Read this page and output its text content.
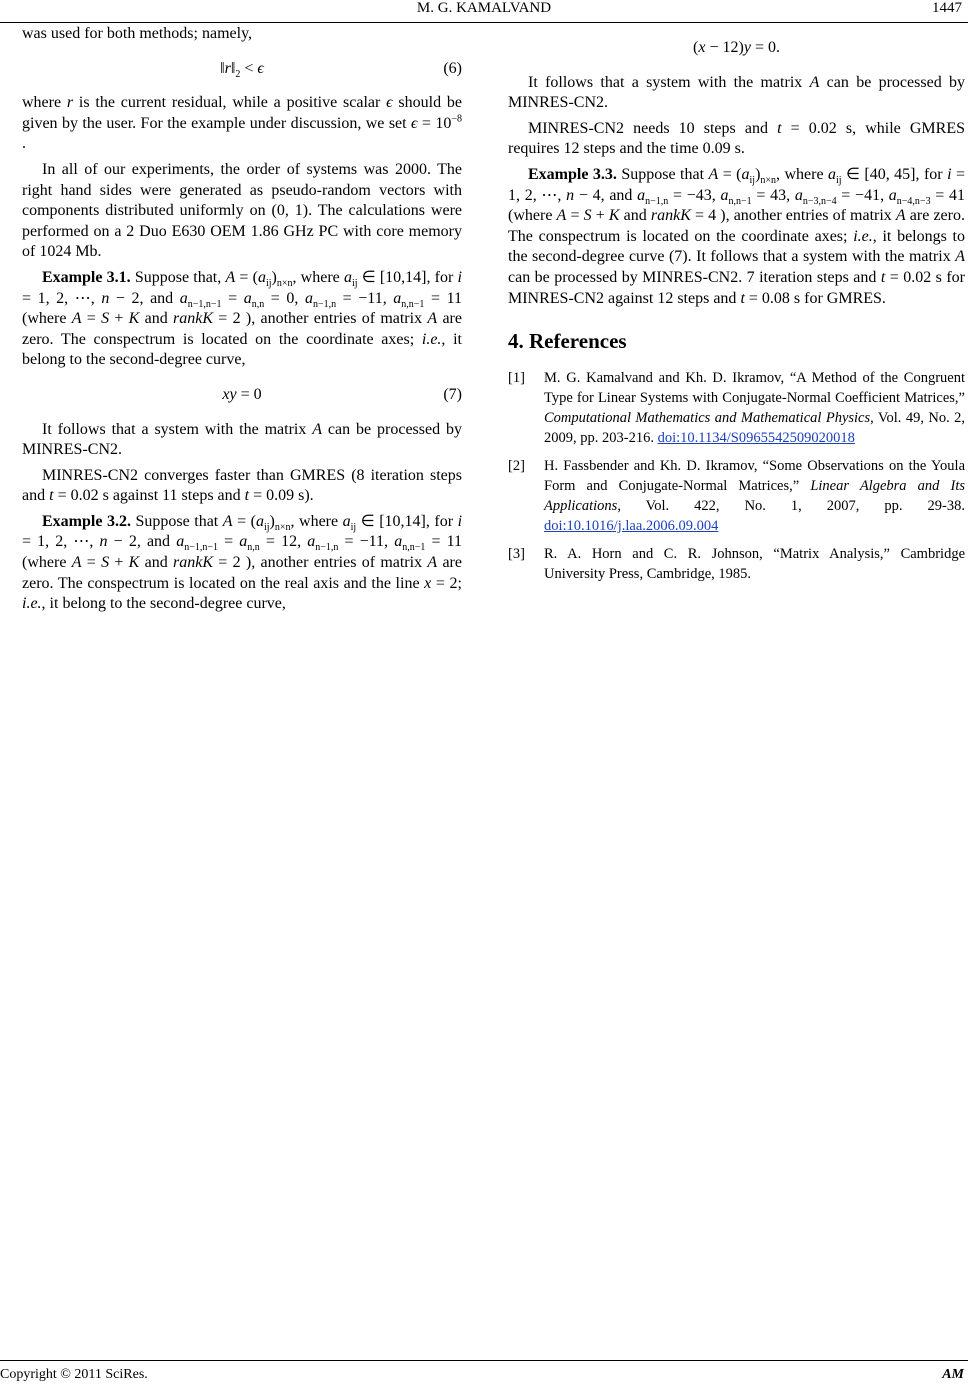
M. G. KAMALVAND	1447

was used for both methods; namely,

$‖r‖_2 < \epsilon$	(6)

where r is the current residual, while a positive scalar ϵ should be given by the user. For the example under discussion, we set $\epsilon = 10^{-8}$ .

In all of our experiments, the order of systems was 2000. The right hand sides were generated as pseudo-random vectors with components distributed uniformly on (0, 1). The calculations were performed on a 2 Duo E630 OEM 1.86 GHz PC with core memory of 1024 Mb.

Example 3.1. Suppose that, $A = (a_{ij})_{n\times n}$, where $a_{ij}$ ∈ [10,14], for i = 1, 2, ⋯, n − 2, and $a_{n-1,n-1} = a_{n,n} = 0$, $a_{n-1,n} = -11$, $a_{n,n-1} = 11$ (where A = S + K and rankK = 2 ), another entries of matrix A are zero. The conspectrum is located on the coordinate axes; i.e., it belong to the second-degree curve,

xy = 0	(7)

It follows that a system with the matrix A can be processed by MINRES-CN2.

MINRES-CN2 converges faster than GMRES (8 iteration steps and t = 0.02 s against 11 steps and t = 0.09 s).

Example 3.2. Suppose that $A = (a_{ij})_{n\times n}$, where $a_{ij}$ ∈ [10,14], for i = 1, 2, ⋯, n − 2, and $a_{n-1,n-1} = a_{n,n} = 12$, $a_{n-1,n} = -11$, $a_{n,n-1} = 11$ (where A = S + K and rankK = 2 ), another entries of matrix A are zero. The conspectrum is located on the real axis and the line x = 2; i.e., it belong to the second-degree curve,

(x − 12)y = 0.

It follows that a system with the matrix A can be processed by MINRES-CN2.

MINRES-CN2 needs 10 steps and t = 0.02 s, while GMRES requires 12 steps and the time 0.09 s.

Example 3.3. Suppose that $A = (a_{ij})_{n\times n}$, where $a_{ij}$ ∈ [40, 45], for i = 1, 2, ⋯, n − 4, and $a_{n-1,n} = -43$, $a_{n,n-1} = 43$, $a_{n-3,n-4} = -41$, $a_{n-4,n-3} = 41$ (where A = S + K and rankK = 4 ), another entries of matrix A are zero. The conspectrum is located on the coordinate axes; i.e., it belongs to the second-degree curve (7). It follows that a system with the matrix A can be processed by MINRES-CN2. 7 iteration steps and t = 0.02 s for MINRES-CN2 against 12 steps and t = 0.08 s for GMRES.

4. References
[1] M. G. Kamalvand and Kh. D. Ikramov, “A Method of the Congruent Type for Linear Systems with Conjugate-Normal Coefficient Matrices,” Computational Mathematics and Mathematical Physics, Vol. 49, No. 2, 2009, pp. 203-216. doi:10.1134/S0965542509020018
[2] H. Fassbender and Kh. D. Ikramov, “Some Observations on the Youla Form and Conjugate-Normal Matrices,” Linear Algebra and Its Applications, Vol. 422, No. 1, 2007, pp. 29-38. doi:10.1016/j.laa.2006.09.004
[3] R. A. Horn and C. R. Johnson, “Matrix Analysis,” Cambridge University Press, Cambridge, 1985.
Copyright © 2011 SciRes.	AM
